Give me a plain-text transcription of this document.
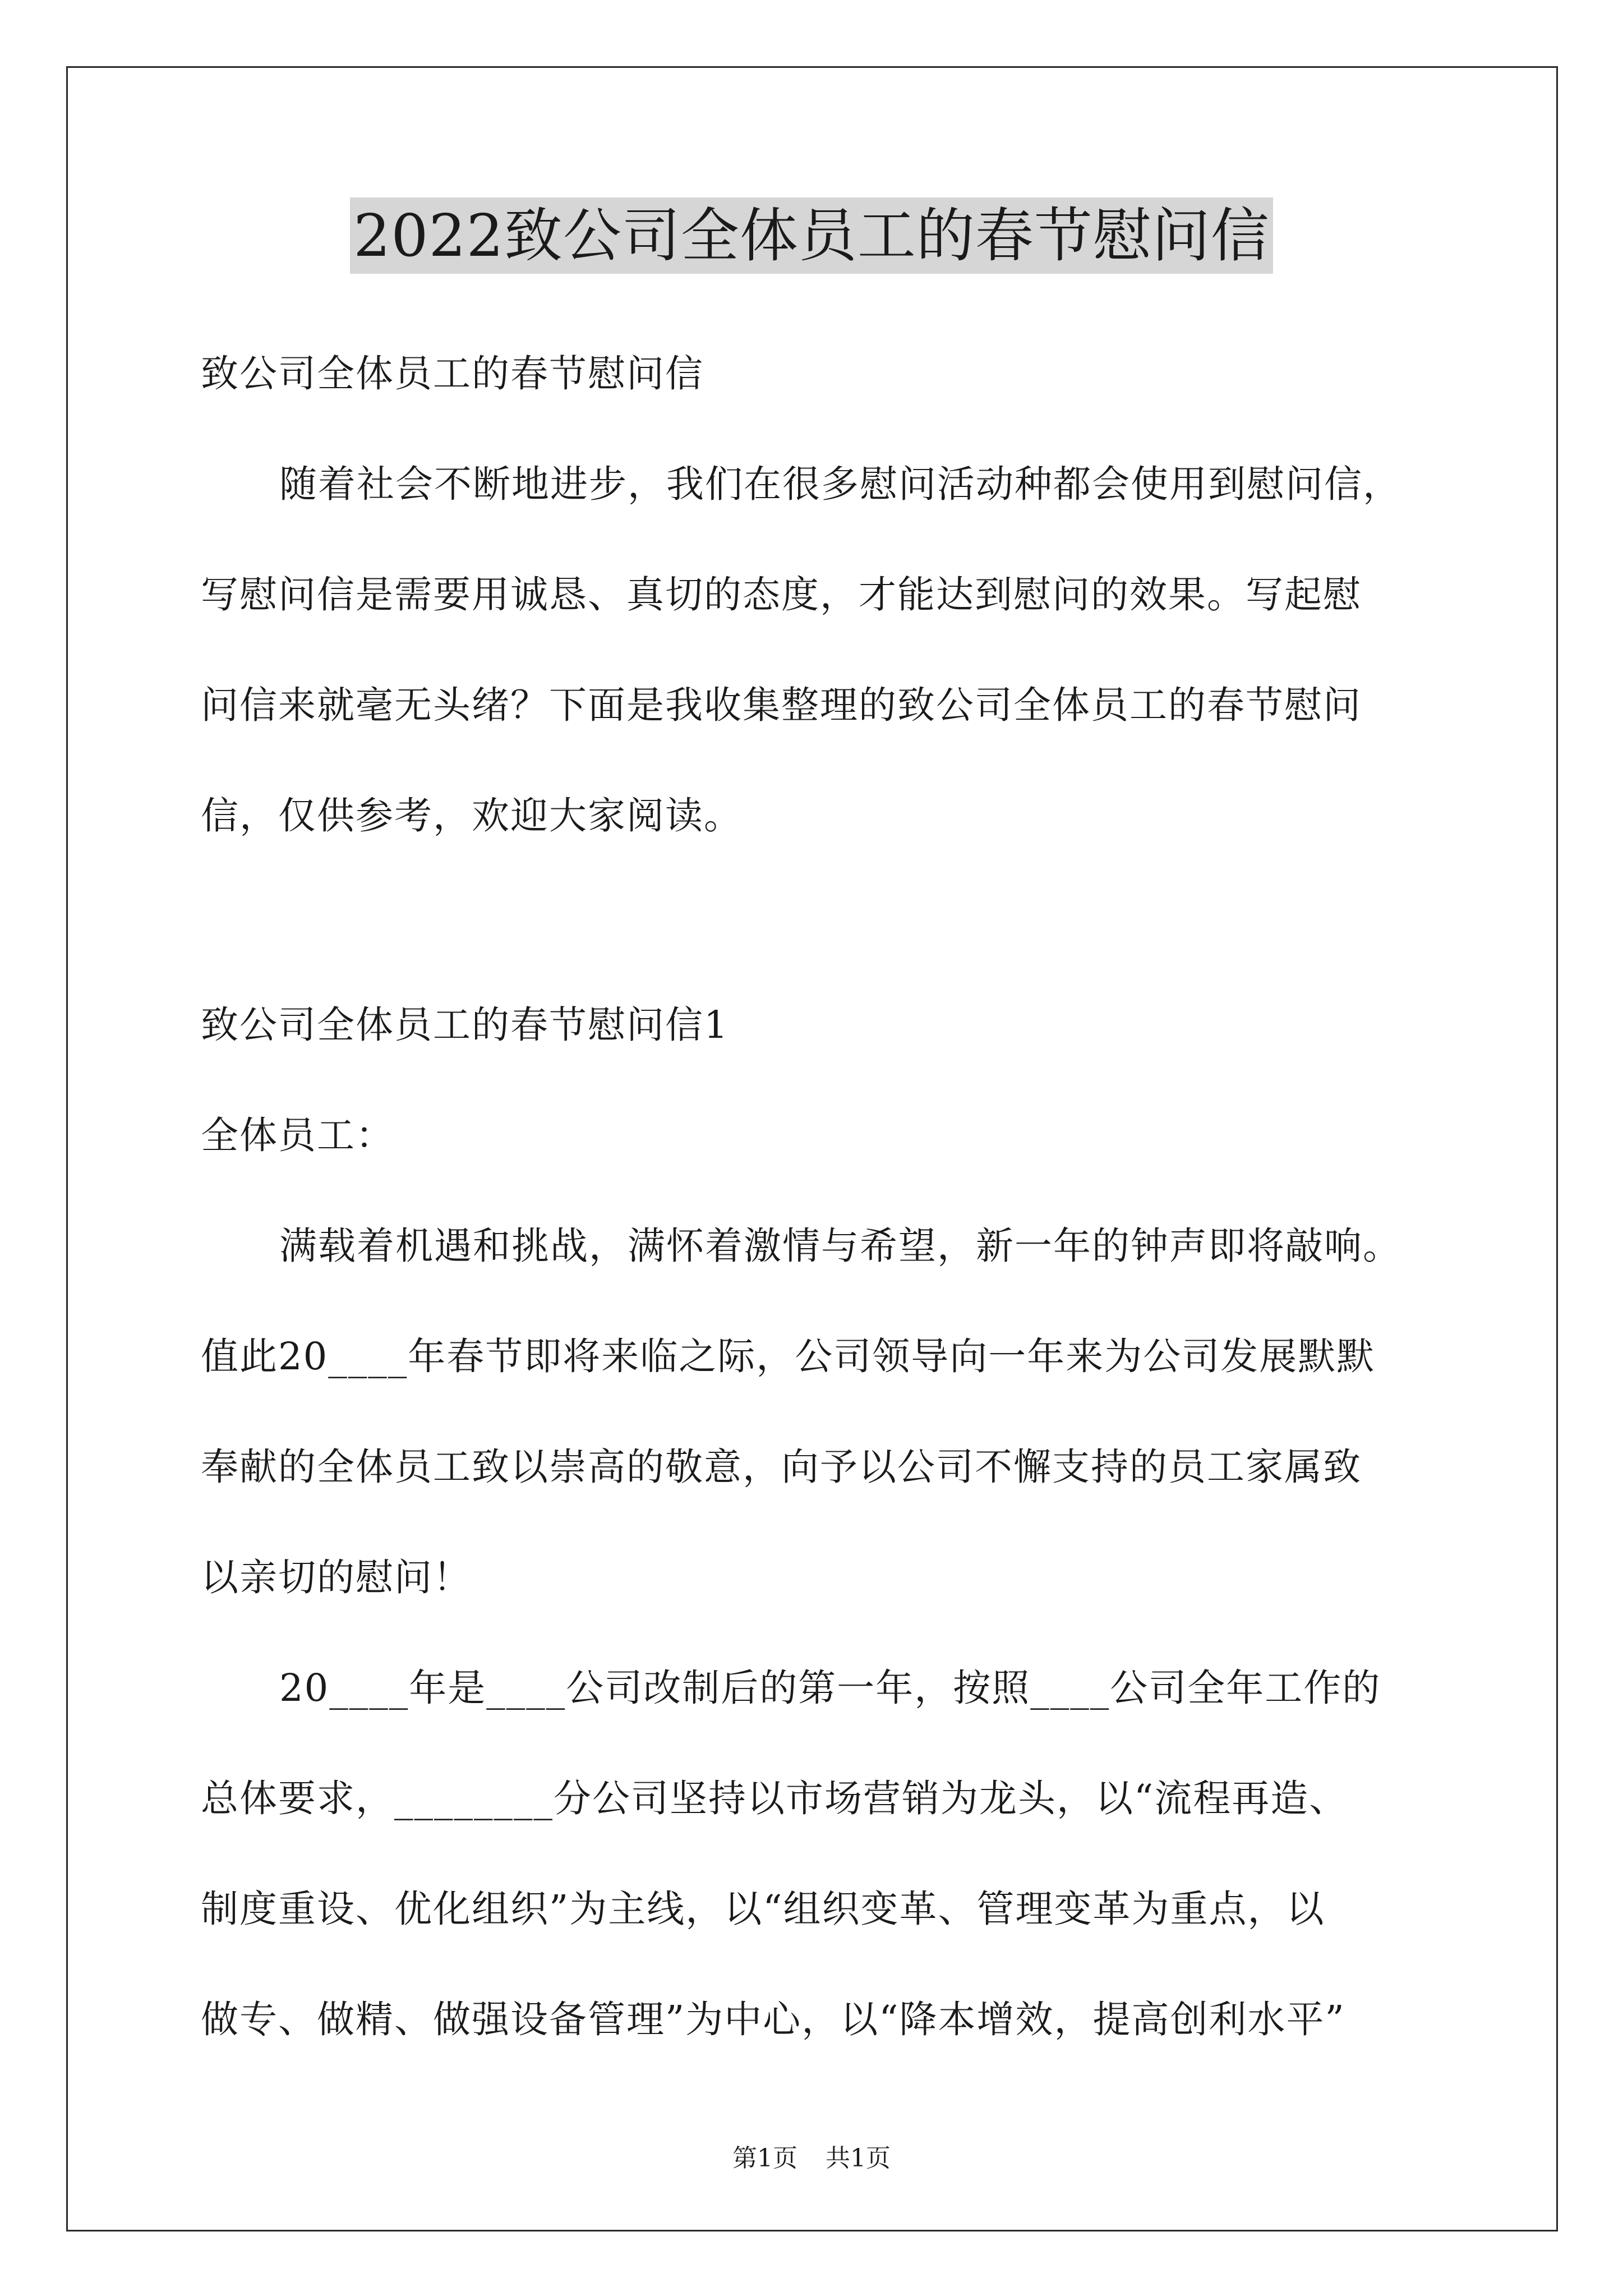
2022致公司全体员工的春节慰问信
致公司全体员工的春节慰问信
随着社会不断地进步，我们在很多慰问活动种都会使用到慰问信，
写慰问信是需要用诚恳、真切的态度，才能达到慰问的效果。写起慰
问信来就毫无头绪？下面是我收集整理的致公司全体员工的春节慰问
信，仅供参考，欢迎大家阅读。
致公司全体员工的春节慰问信1
全体员工：
满载着机遇和挑战，满怀着激情与希望，新一年的钟声即将敲响。
值此20____年春节即将来临之际，公司领导向一年来为公司发展默默
奉献的全体员工致以崇高的敬意，向予以公司不懈支持的员工家属致
以亲切的慰问！
20____年是____公司改制后的第一年，按照____公司全年工作的
总体要求，________分公司坚持以市场营销为龙头，以“流程再造、
制度重设、优化组织”为主线，以“组织变革、管理变革为重点，以
做专、做精、做强设备管理”为中心，以“降本增效，提高创利水平”
第1页 共1页
